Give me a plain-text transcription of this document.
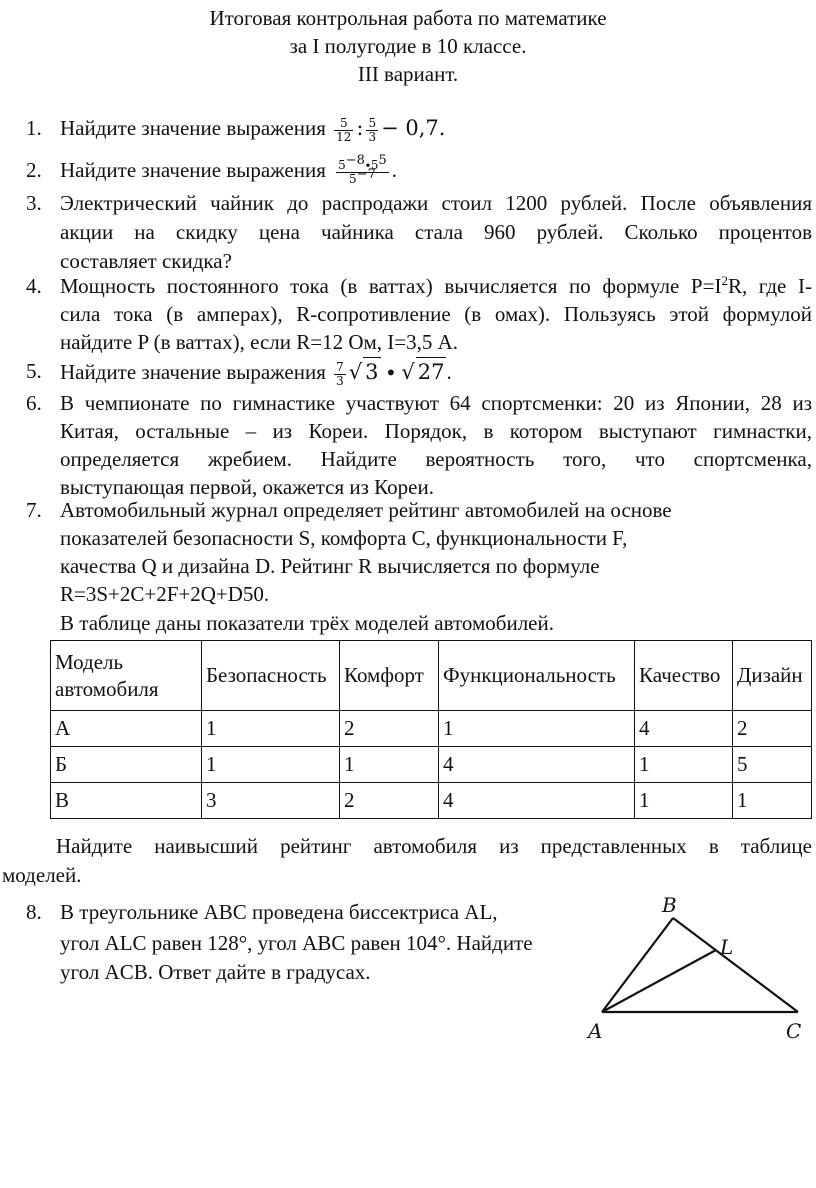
Итоговая контрольная работа по математике
за I полугодие в 10 классе.
III вариант.
1. Найдите значение выражения $\frac{5}{12}$ : $\frac{5}{3} - 0,7$.
2. Найдите значение выражения $\frac{5^{-8}\cdot 5^5}{5^{-7}}$ .
3. Электрический чайник до распродажи стоил 1200 рублей. После объявления
акции на скидку цена чайника стала 960 рублей. Сколько процентов
составляет скидка?
4. Мощность постоянного тока (в ваттах) вычисляется по формуле $P=I^2R$, где I-
сила тока (в амперах), R-сопротивление (в омах). Пользуясь этой формулой
найдите P (в ваттах), если R=12 Ом, I=3,5 А.
5. Найдите значение выражения $\frac{7}{3}$ √ 3 ∙ √ 27.
6. В чемпионате по гимнастике участвуют 64 спортсменки: 20 из Японии, 28 из
Китая, остальные – из Кореи. Порядок, в котором выступают гимнастки,
определяется жребием. Найдите вероятность того, что спортсменка,
выступающая первой, окажется из Кореи.
7. Автомобильный журнал определяет рейтинг автомобилей на основе
показателей безопасности S, комфорта C, функциональности F,
качества Q и дизайна D. Рейтинг R вычисляется по формуле
R=3S+2C+2F+2Q+D50.
В таблице даны показатели трёх моделей автомобилей.
Модель
автомобиля	Безопасность	Комфорт	Функциональность	Качество	Дизайн
А	1	2	1	4	2
Б	1	1	4	1	5
В	3	2	4	1	1
Найдите наивысший рейтинг автомобиля из представленных в таблице
моделей.
8. В треугольнике ABC проведена биссектриса AL,
угол ALC равен 128°, угол ABC равен 104°. Найдите
угол ACB. Ответ дайте в градусах.
B
L
A	C
